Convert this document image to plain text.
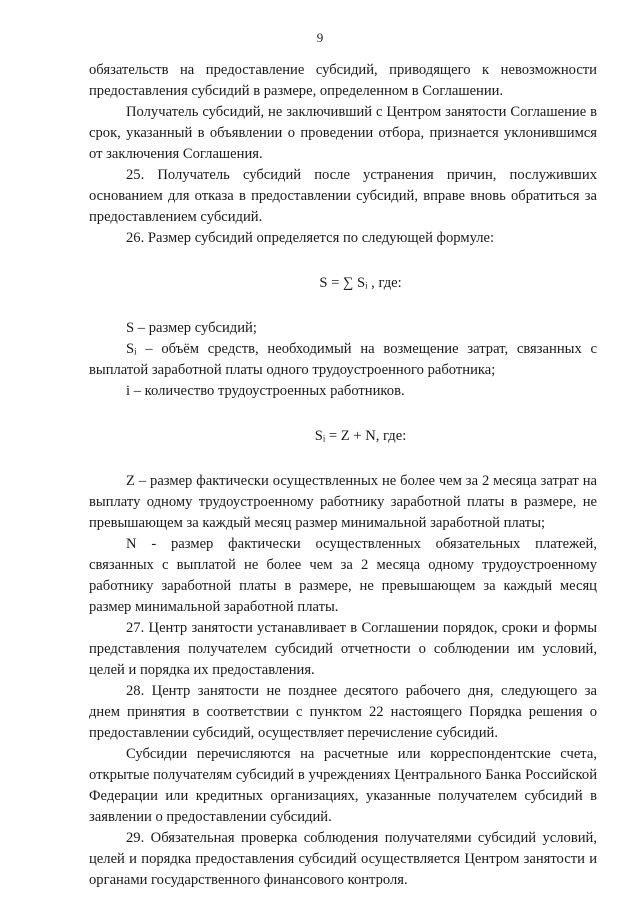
9

обязательств на предоставление субсидий, приводящего к невозможности предоставления субсидий в размере, определенном в Соглашении.

Получатель субсидий, не заключивший с Центром занятости Соглашение в срок, указанный в объявлении о проведении отбора, признается уклонившимся от заключения Соглашения.

25. Получатель субсидий после устранения причин, послуживших основанием для отказа в предоставлении субсидий, вправе вновь обратиться за предоставлением субсидий.

26. Размер субсидий определяется по следующей формуле:

S = ∑ Sᵢ , где:

S – размер субсидий;

Sᵢ – объём средств, необходимый на возмещение затрат, связанных с выплатой заработной платы одного трудоустроенного работника;

i – количество трудоустроенных работников.

Sᵢ = Z + N, где:

Z – размер фактически осуществленных не более чем за 2 месяца затрат на выплату одному трудоустроенному работнику заработной платы в размере, не превышающем за каждый месяц размер минимальной заработной платы;

N - размер фактически осуществленных обязательных платежей, связанных с выплатой не более чем за 2 месяца одному трудоустроенному работнику заработной платы в размере, не превышающем за каждый месяц размер минимальной заработной платы.

27. Центр занятости устанавливает в Соглашении порядок, сроки и формы представления получателем субсидий отчетности о соблюдении им условий, целей и порядка их предоставления.

28. Центр занятости не позднее десятого рабочего дня, следующего за днем принятия в соответствии с пунктом 22 настоящего Порядка решения о предоставлении субсидий, осуществляет перечисление субсидий.

Субсидии перечисляются на расчетные или корреспондентские счета, открытые получателям субсидий в учреждениях Центрального Банка Российской Федерации или кредитных организациях, указанные получателем субсидий в заявлении о предоставлении субсидий.

29. Обязательная проверка соблюдения получателями субсидий условий, целей и порядка предоставления субсидий осуществляется Центром занятости и органами государственного финансового контроля.
